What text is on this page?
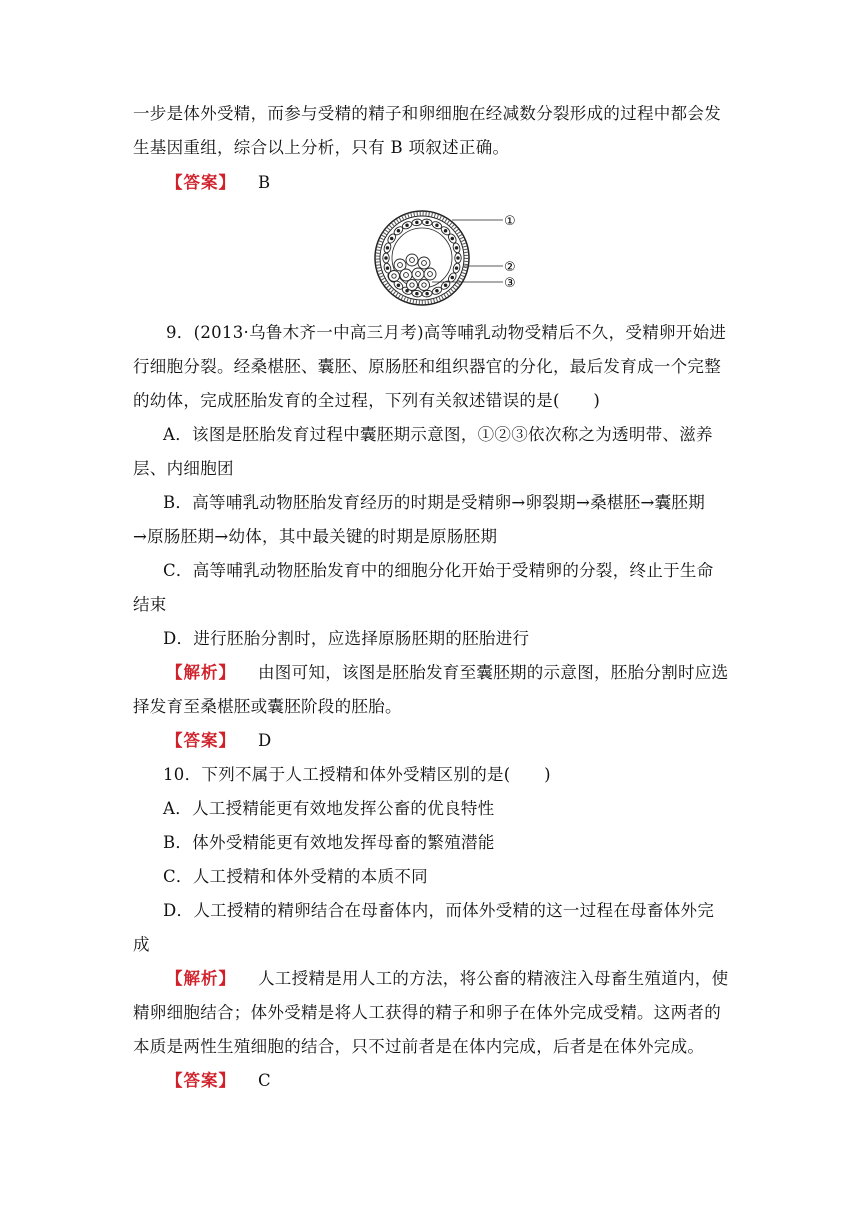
一步是体外受精，而参与受精的精子和卵细胞在经减数分裂形成的过程中都会发

生基因重组，综合以上分析，只有 B 项叙述正确。

【答案】 B

①
②
③

9．(2013·乌鲁木齐一中高三月考)高等哺乳动物受精后不久，受精卵开始进

行细胞分裂。经桑椹胚、囊胚、原肠胚和组织器官的分化，最后发育成一个完整

的幼体，完成胚胎发育的全过程，下列有关叙述错误的是(　　)

A．该图是胚胎发育过程中囊胚期示意图，①②③依次称之为透明带、滋养

层、内细胞团

B．高等哺乳动物胚胎发育经历的时期是受精卵→卵裂期→桑椹胚→囊胚期

→原肠胚期→幼体，其中最关键的时期是原肠胚期

C．高等哺乳动物胚胎发育中的细胞分化开始于受精卵的分裂，终止于生命

结束

D．进行胚胎分割时，应选择原肠胚期的胚胎进行

【解析】 由图可知，该图是胚胎发育至囊胚期的示意图，胚胎分割时应选

择发育至桑椹胚或囊胚阶段的胚胎。

【答案】 D

10．下列不属于人工授精和体外受精区别的是(　　)

A．人工授精能更有效地发挥公畜的优良特性

B．体外受精能更有效地发挥母畜的繁殖潜能

C．人工授精和体外受精的本质不同

D．人工授精的精卵结合在母畜体内，而体外受精的这一过程在母畜体外完

成

【解析】 人工授精是用人工的方法，将公畜的精液注入母畜生殖道内，使

精卵细胞结合；体外受精是将人工获得的精子和卵子在体外完成受精。这两者的

本质是两性生殖细胞的结合，只不过前者是在体内完成，后者是在体外完成。

【答案】 C
